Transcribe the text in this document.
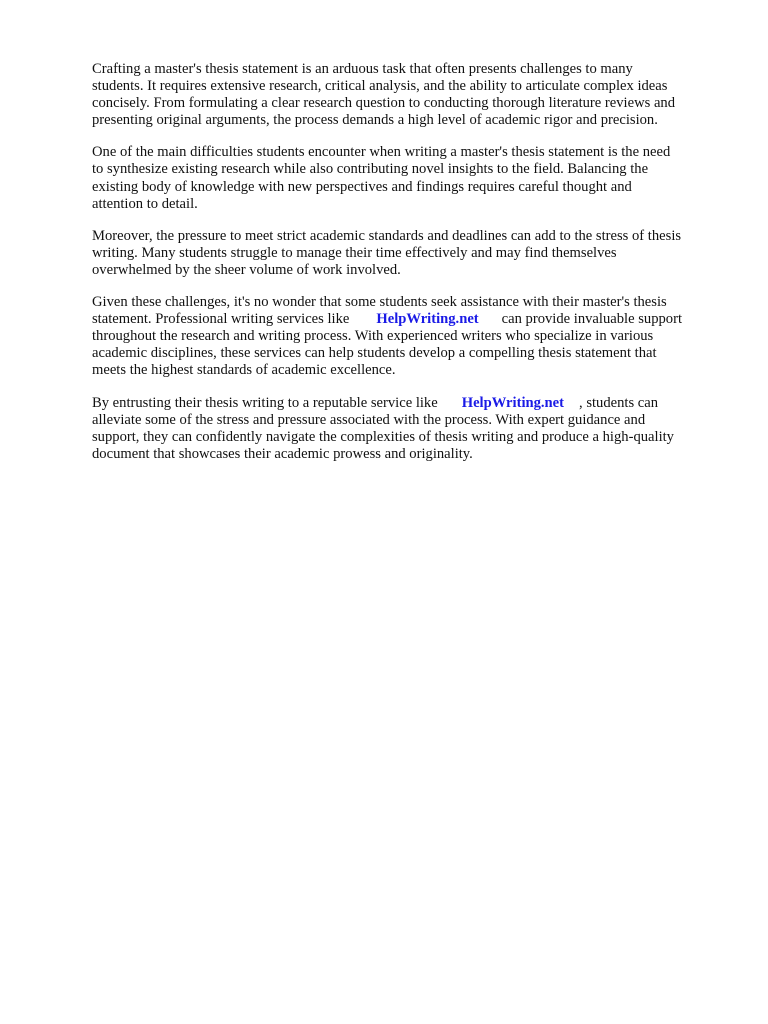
Crafting a master's thesis statement is an arduous task that often presents challenges to many
students. It requires extensive research, critical analysis, and the ability to articulate complex ideas
concisely. From formulating a clear research question to conducting thorough literature reviews and
presenting original arguments, the process demands a high level of academic rigor and precision.

One of the main difficulties students encounter when writing a master's thesis statement is the need
to synthesize existing research while also contributing novel insights to the field. Balancing the
existing body of knowledge with new perspectives and findings requires careful thought and
attention to detail.

Moreover, the pressure to meet strict academic standards and deadlines can add to the stress of thesis
writing. Many students struggle to manage their time effectively and may find themselves
overwhelmed by the sheer volume of work involved.

Given these challenges, it's no wonder that some students seek assistance with their master's thesis
statement. Professional writing services like HelpWriting.net can provide invaluable support
throughout the research and writing process. With experienced writers who specialize in various
academic disciplines, these services can help students develop a compelling thesis statement that
meets the highest standards of academic excellence.

By entrusting their thesis writing to a reputable service like HelpWriting.net , students can
alleviate some of the stress and pressure associated with the process. With expert guidance and
support, they can confidently navigate the complexities of thesis writing and produce a high-quality
document that showcases their academic prowess and originality.
